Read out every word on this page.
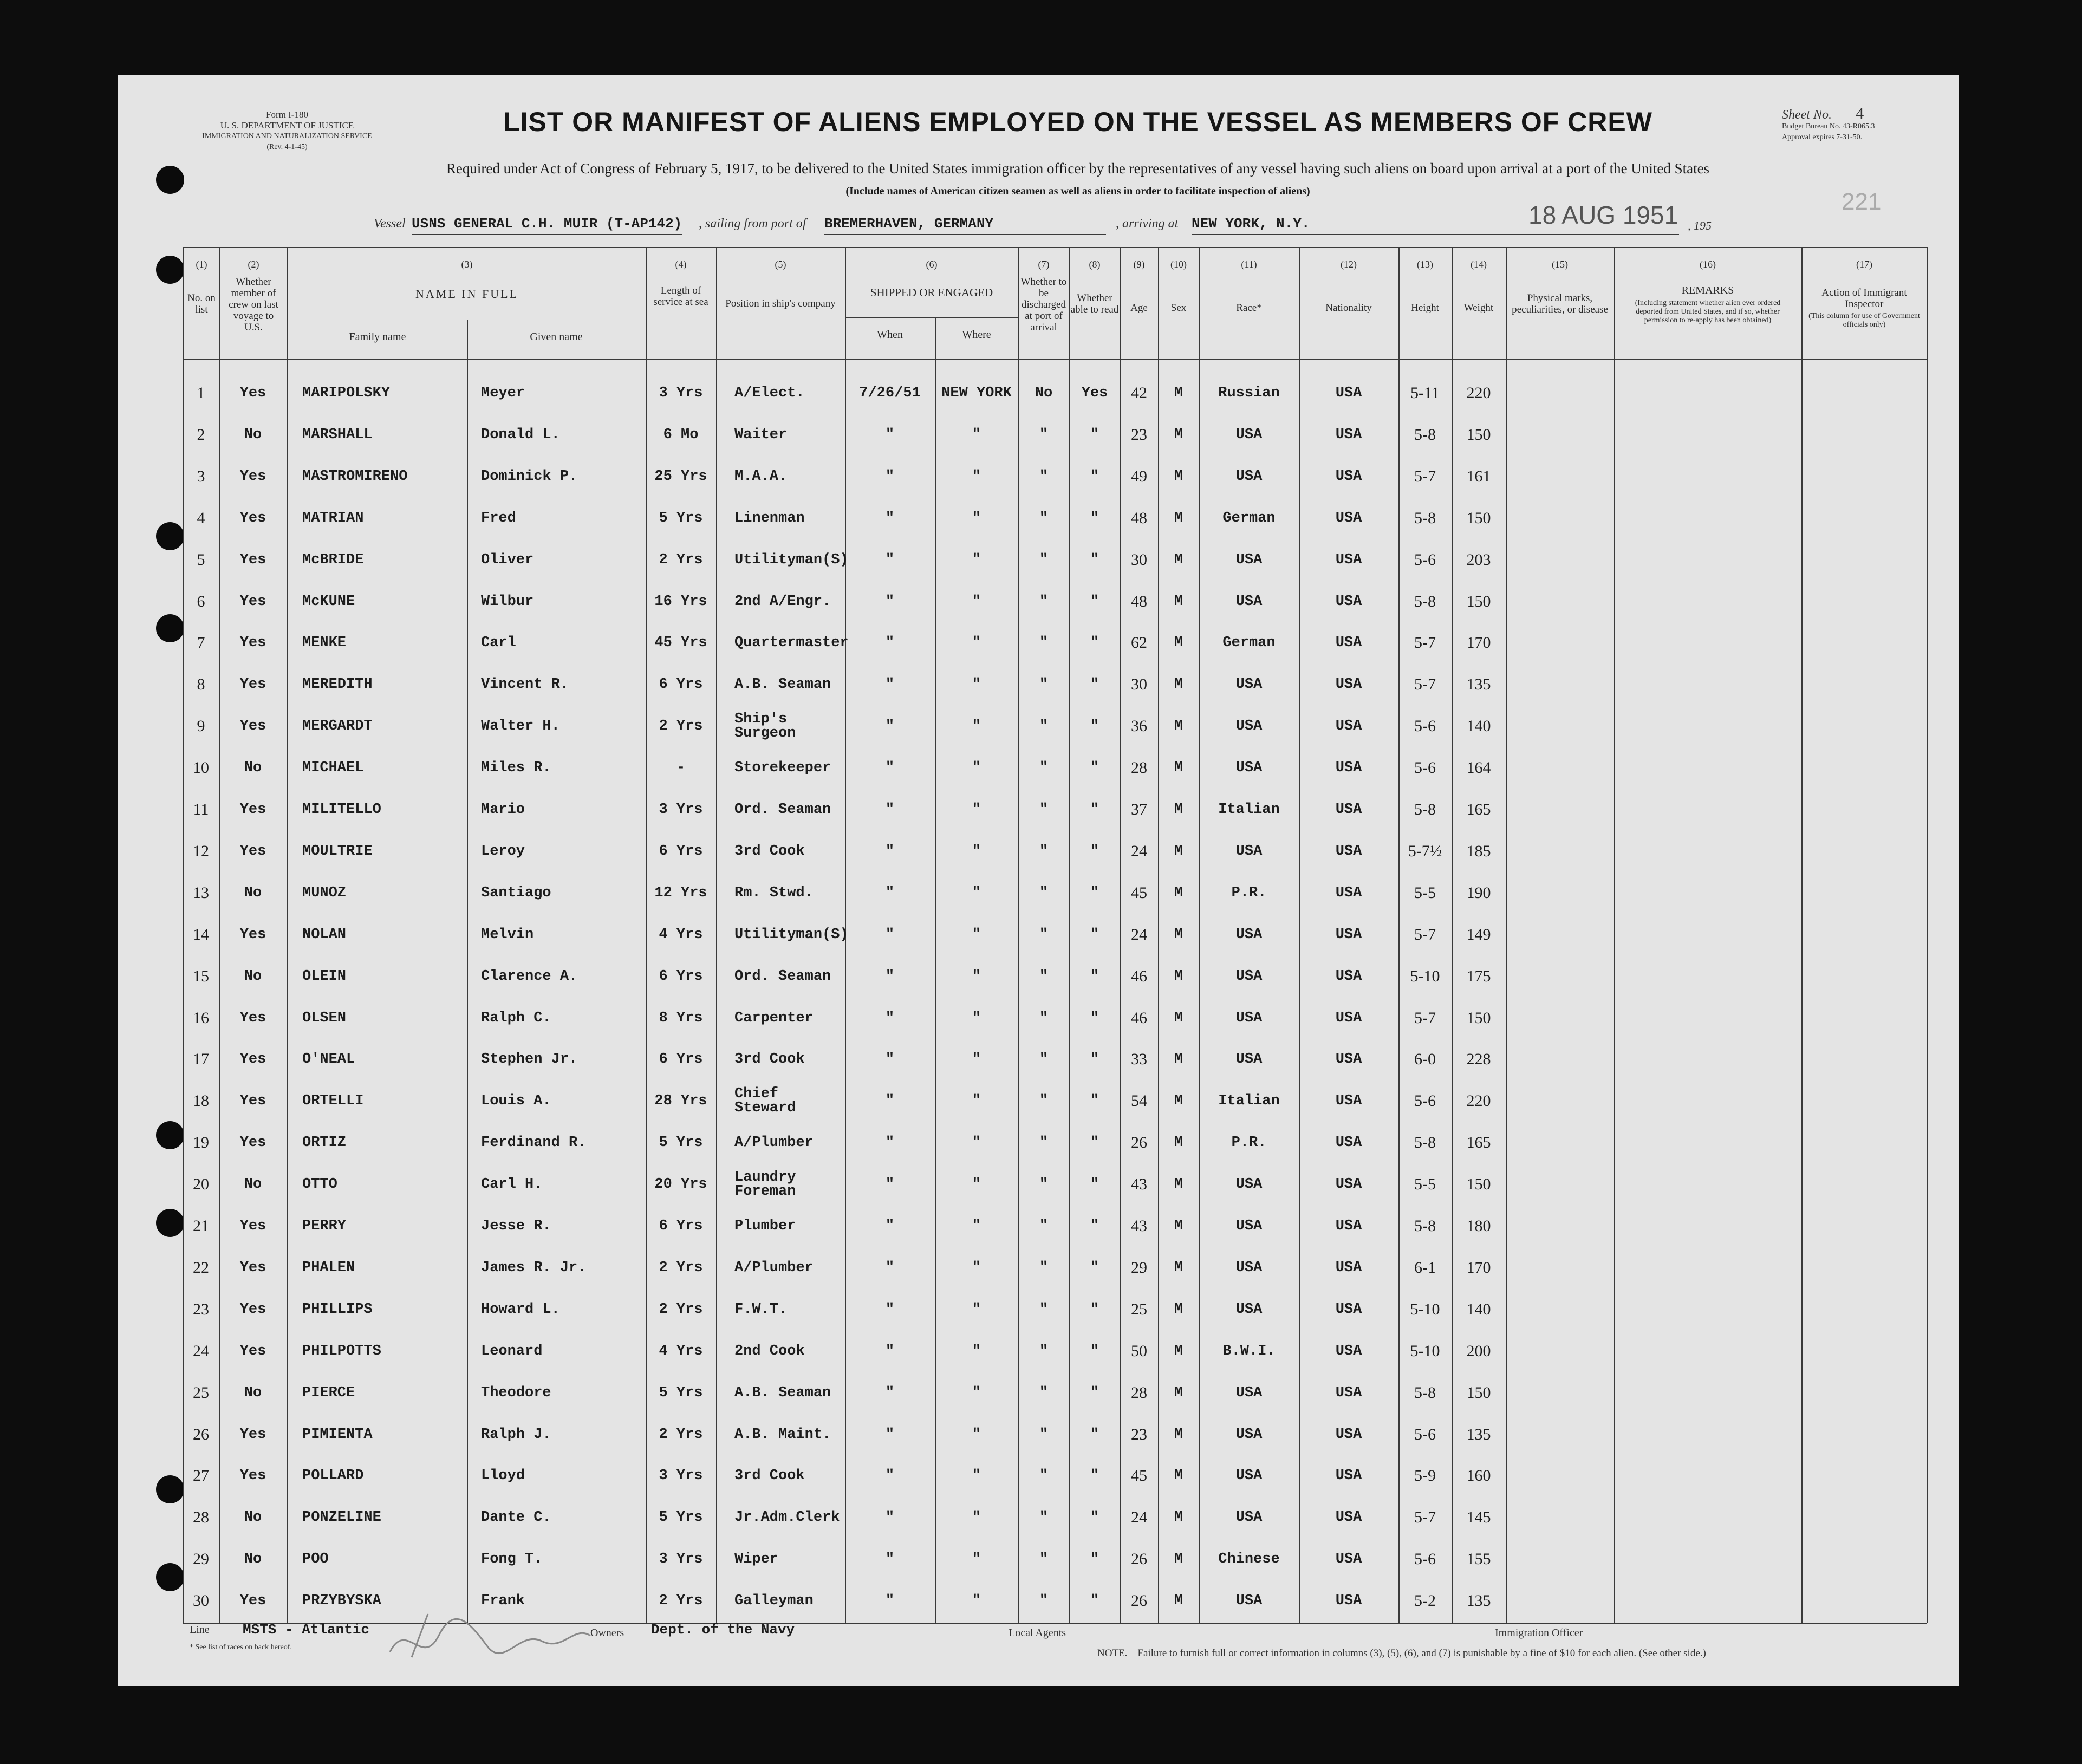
Form I-180
U. S. DEPARTMENT OF JUSTICE
IMMIGRATION AND NATURALIZATION SERVICE
(Rev. 4-1-45)
LIST OR MANIFEST OF ALIENS EMPLOYED ON THE VESSEL AS MEMBERS OF CREW	Sheet No. 4
Budget Bureau No. 43-R065.3
Approval expires 7-31-50.
Required under Act of Congress of February 5, 1917, to be delivered to the United States immigration officer by the representatives of any vessel having such aliens on board upon arrival at a port of the United States
(Include names of American citizen seamen as well as aliens in order to facilitate inspection of aliens)
Vessel USNS GENERAL C.H. MUIR (T-AP142) , sailing from port of BREMERHAVEN, GERMANY	, arriving at NEW YORK, N.Y.	18 AUG 1951 , 195
221
(1)
No. on list
(2)
Whether member of crew on last voyage to U.S.
(3)
NAME IN FULL
Family name	Given name
(4)
Length of service at sea
(5)
Position in ship's company
(6)
SHIPPED OR ENGAGED
When	Where
(7)
Whether to be discharged at port of arrival
(8)
Whether able to read
(9)
Age
(10)
Sex
(11)
Race*
(12)
Nationality
(13)
Height
(14)
Weight
(15)
Physical marks, peculiarities, or disease
(16)
REMARKS
(Including statement whether alien ever ordered deported from United States, and if so, whether permission to re-apply has been obtained)
(17)
Action of Immigrant Inspector
(This column for use of Government officials only)
1	Yes	MARIPOLSKY	Meyer	3 Yrs	A/Elect.	7/26/51	NEW YORK	No	Yes	42	M	Russian	USA	5-11	220
2	No	MARSHALL	Donald L.	6 Mo	Waiter	"	"	"	"	23	M	USA	USA	5-8	150
3	Yes	MASTROMIRENO	Dominick P.	25 Yrs	M.A.A.	"	"	"	"	49	M	USA	USA	5-7	161
4	Yes	MATRIAN	Fred	5 Yrs	Linenman	"	"	"	"	48	M	German	USA	5-8	150
5	Yes	McBRIDE	Oliver	2 Yrs	Utilityman(S)	"	"	"	"	30	M	USA	USA	5-6	203
6	Yes	McKUNE	Wilbur	16 Yrs	2nd A/Engr.	"	"	"	"	48	M	USA	USA	5-8	150
7	Yes	MENKE	Carl	45 Yrs	Quartermaster	"	"	"	"	62	M	German	USA	5-7	170
8	Yes	MEREDITH	Vincent R.	6 Yrs	A.B. Seaman	"	"	"	"	30	M	USA	USA	5-7	135
9	Yes	MERGARDT	Walter H.	2 Yrs	Ship's Surgeon	"	"	"	"	36	M	USA	USA	5-6	140
10	No	MICHAEL	Miles R.	-	Storekeeper	"	"	"	"	28	M	USA	USA	5-6	164
11	Yes	MILITELLO	Mario	3 Yrs	Ord. Seaman	"	"	"	"	37	M	Italian	USA	5-8	165
12	Yes	MOULTRIE	Leroy	6 Yrs	3rd Cook	"	"	"	"	24	M	USA	USA	5-7½	185
13	No	MUNOZ	Santiago	12 Yrs	Rm. Stwd.	"	"	"	"	45	M	P.R.	USA	5-5	190
14	Yes	NOLAN	Melvin	4 Yrs	Utilityman(S)	"	"	"	"	24	M	USA	USA	5-7	149
15	No	OLEIN	Clarence A.	6 Yrs	Ord. Seaman	"	"	"	"	46	M	USA	USA	5-10	175
16	Yes	OLSEN	Ralph C.	8 Yrs	Carpenter	"	"	"	"	46	M	USA	USA	5-7	150
17	Yes	O'NEAL	Stephen Jr.	6 Yrs	3rd Cook	"	"	"	"	33	M	USA	USA	6-0	228
18	Yes	ORTELLI	Louis A.	28 Yrs	Chief Steward	"	"	"	"	54	M	Italian	USA	5-6	220
19	Yes	ORTIZ	Ferdinand R.	5 Yrs	A/Plumber	"	"	"	"	26	M	P.R.	USA	5-8	165
20	No	OTTO	Carl H.	20 Yrs	Laundry Foreman	"	"	"	"	43	M	USA	USA	5-5	150
21	Yes	PERRY	Jesse R.	6 Yrs	Plumber	"	"	"	"	43	M	USA	USA	5-8	180
22	Yes	PHALEN	James R. Jr.	2 Yrs	A/Plumber	"	"	"	"	29	M	USA	USA	6-1	170
23	Yes	PHILLIPS	Howard L.	2 Yrs	F.W.T.	"	"	"	"	25	M	USA	USA	5-10	140
24	Yes	PHILPOTTS	Leonard	4 Yrs	2nd Cook	"	"	"	"	50	M	B.W.I.	USA	5-10	200
25	No	PIERCE	Theodore	5 Yrs	A.B. Seaman	"	"	"	"	28	M	USA	USA	5-8	150
26	Yes	PIMIENTA	Ralph J.	2 Yrs	A.B. Maint.	"	"	"	"	23	M	USA	USA	5-6	135
27	Yes	POLLARD	Lloyd	3 Yrs	3rd Cook	"	"	"	"	45	M	USA	USA	5-9	160
28	No	PONZELINE	Dante C.	5 Yrs	Jr.Adm.Clerk	"	"	"	"	24	M	USA	USA	5-7	145
29	No	POO	Fong T.	3 Yrs	Wiper	"	"	"	"	26	M	Chinese	USA	5-6	155
30	Yes	PRZYBYSKA	Frank	2 Yrs	Galleyman	"	"	"	"	26	M	USA	USA	5-2	135
Line MSTS - Atlantic
* See list of races on back hereof.
Owners Dept. of the Navy	Local Agents	Immigration Officer
NOTE.—Failure to furnish full or correct information in columns (3), (5), (6), and (7) is punishable by a fine of $10 for each alien. (See other side.)
